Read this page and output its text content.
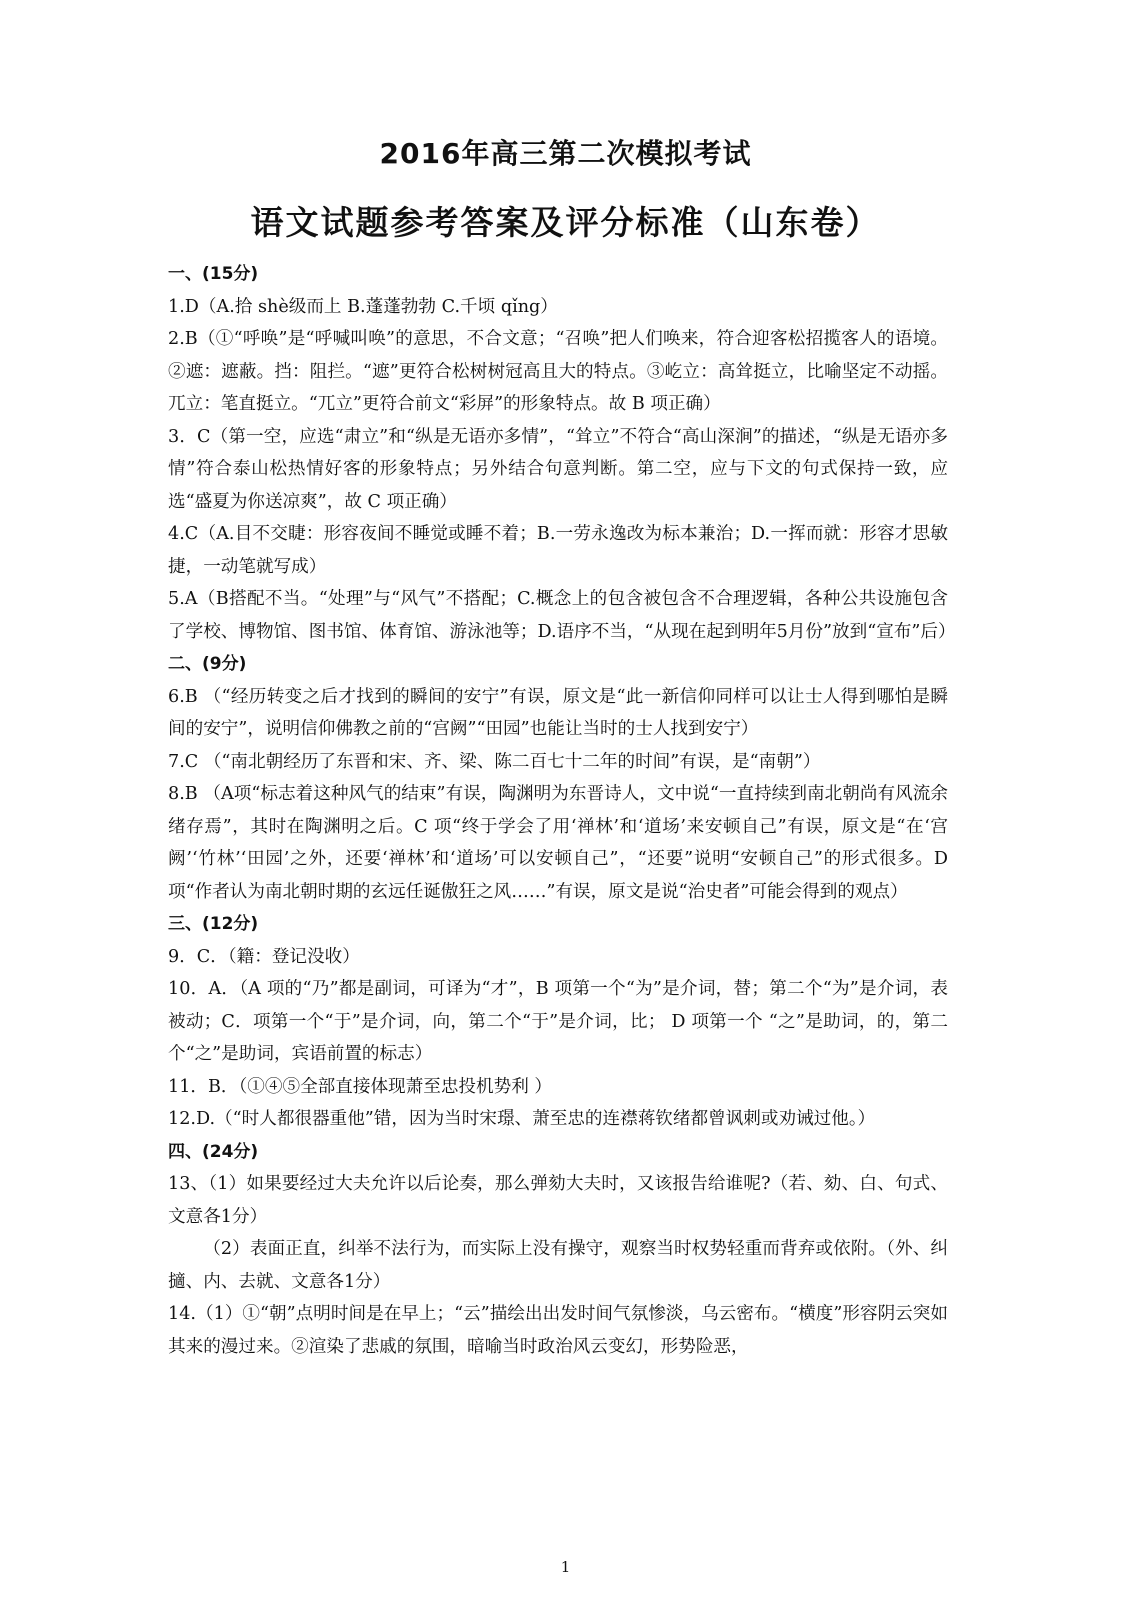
2016年高三第二次模拟考试
语文试题参考答案及评分标准（山东卷）

一、(15分)

1.D（A.拾 shè级而上 B.蓬蓬勃勃 C.千顷 qǐng）

2.B（①“呼唤”是“呼喊叫唤”的意思，不合文意；“召唤”把人们唤来，符合迎客松招揽客人的语境。②遮：遮蔽。挡：阻拦。“遮”更符合松树树冠高且大的特点。③屹立：高耸挺立，比喻坚定不动摇。兀立：笔直挺立。“兀立”更符合前文“彩屏”的形象特点。故 B 项正确）

3．C（第一空，应选“肃立”和“纵是无语亦多情”，“耸立”不符合“高山深涧”的描述，“纵是无语亦多情”符合泰山松热情好客的形象特点；另外结合句意判断。第二空，应与下文的句式保持一致，应选“盛夏为你送凉爽”，故 C 项正确）

4.C（A.目不交睫：形容夜间不睡觉或睡不着；B.一劳永逸改为标本兼治；D.一挥而就：形容才思敏捷，一动笔就写成）

5.A（B搭配不当。“处理”与“风气”不搭配；C.概念上的包含被包含不合理逻辑，各种公共设施包含了学校、博物馆、图书馆、体育馆、游泳池等；D.语序不当，“从现在起到明年5月份”放到“宣布”后）

二、(9分)

6.B （“经历转变之后才找到的瞬间的安宁”有误，原文是“此一新信仰同样可以让士人得到哪怕是瞬间的安宁”，说明信仰佛教之前的“宫阙”“田园”也能让当时的士人找到安宁）

7.C （“南北朝经历了东晋和宋、齐、梁、陈二百七十二年的时间”有误，是“南朝”）

8.B （A项“标志着这种风气的结束”有误，陶渊明为东晋诗人，文中说“一直持续到南北朝尚有风流余绪存焉”，其时在陶渊明之后。C 项“终于学会了用‘禅林’和‘道场’来安顿自己”有误，原文是“在‘宫阙’‘竹林’‘田园’之外，还要‘禅林’和‘道场’可以安顿自己”，“还要”说明“安顿自己”的形式很多。D项“作者认为南北朝时期的玄远任诞傲狂之风……”有误，原文是说“治史者”可能会得到的观点）

三、(12分)

9．C．（籍：登记没收）

10．A．（A 项的“乃”都是副词，可译为“才”，B 项第一个“为”是介词，替；第二个“为”是介词，表被动；C．项第一个“于”是介词，向，第二个“于”是介词，比； D 项第一个 “之”是助词，的，第二个“之”是助词，宾语前置的标志）

11．B．（①④⑤全部直接体现萧至忠投机势利 ）

12.D.（“时人都很器重他”错，因为当时宋璟、萧至忠的连襟蒋钦绪都曾讽刺或劝诫过他。）

四、(24分)

13、（1）如果要经过大夫允许以后论奏，那么弹劾大夫时，又该报告给谁呢?（若、劾、白、句式、文意各1分）

（2）表面正直，纠举不法行为，而实际上没有操守，观察当时权势轻重而背弃或依附。（外、纠擿、内、去就、文意各1分）

14.（1）①“朝”点明时间是在早上；“云”描绘出出发时间气氛惨淡，乌云密布。“横度”形容阴云突如其来的漫过来。②渲染了悲戚的氛围，暗喻当时政治风云变幻，形势险恶，

1
